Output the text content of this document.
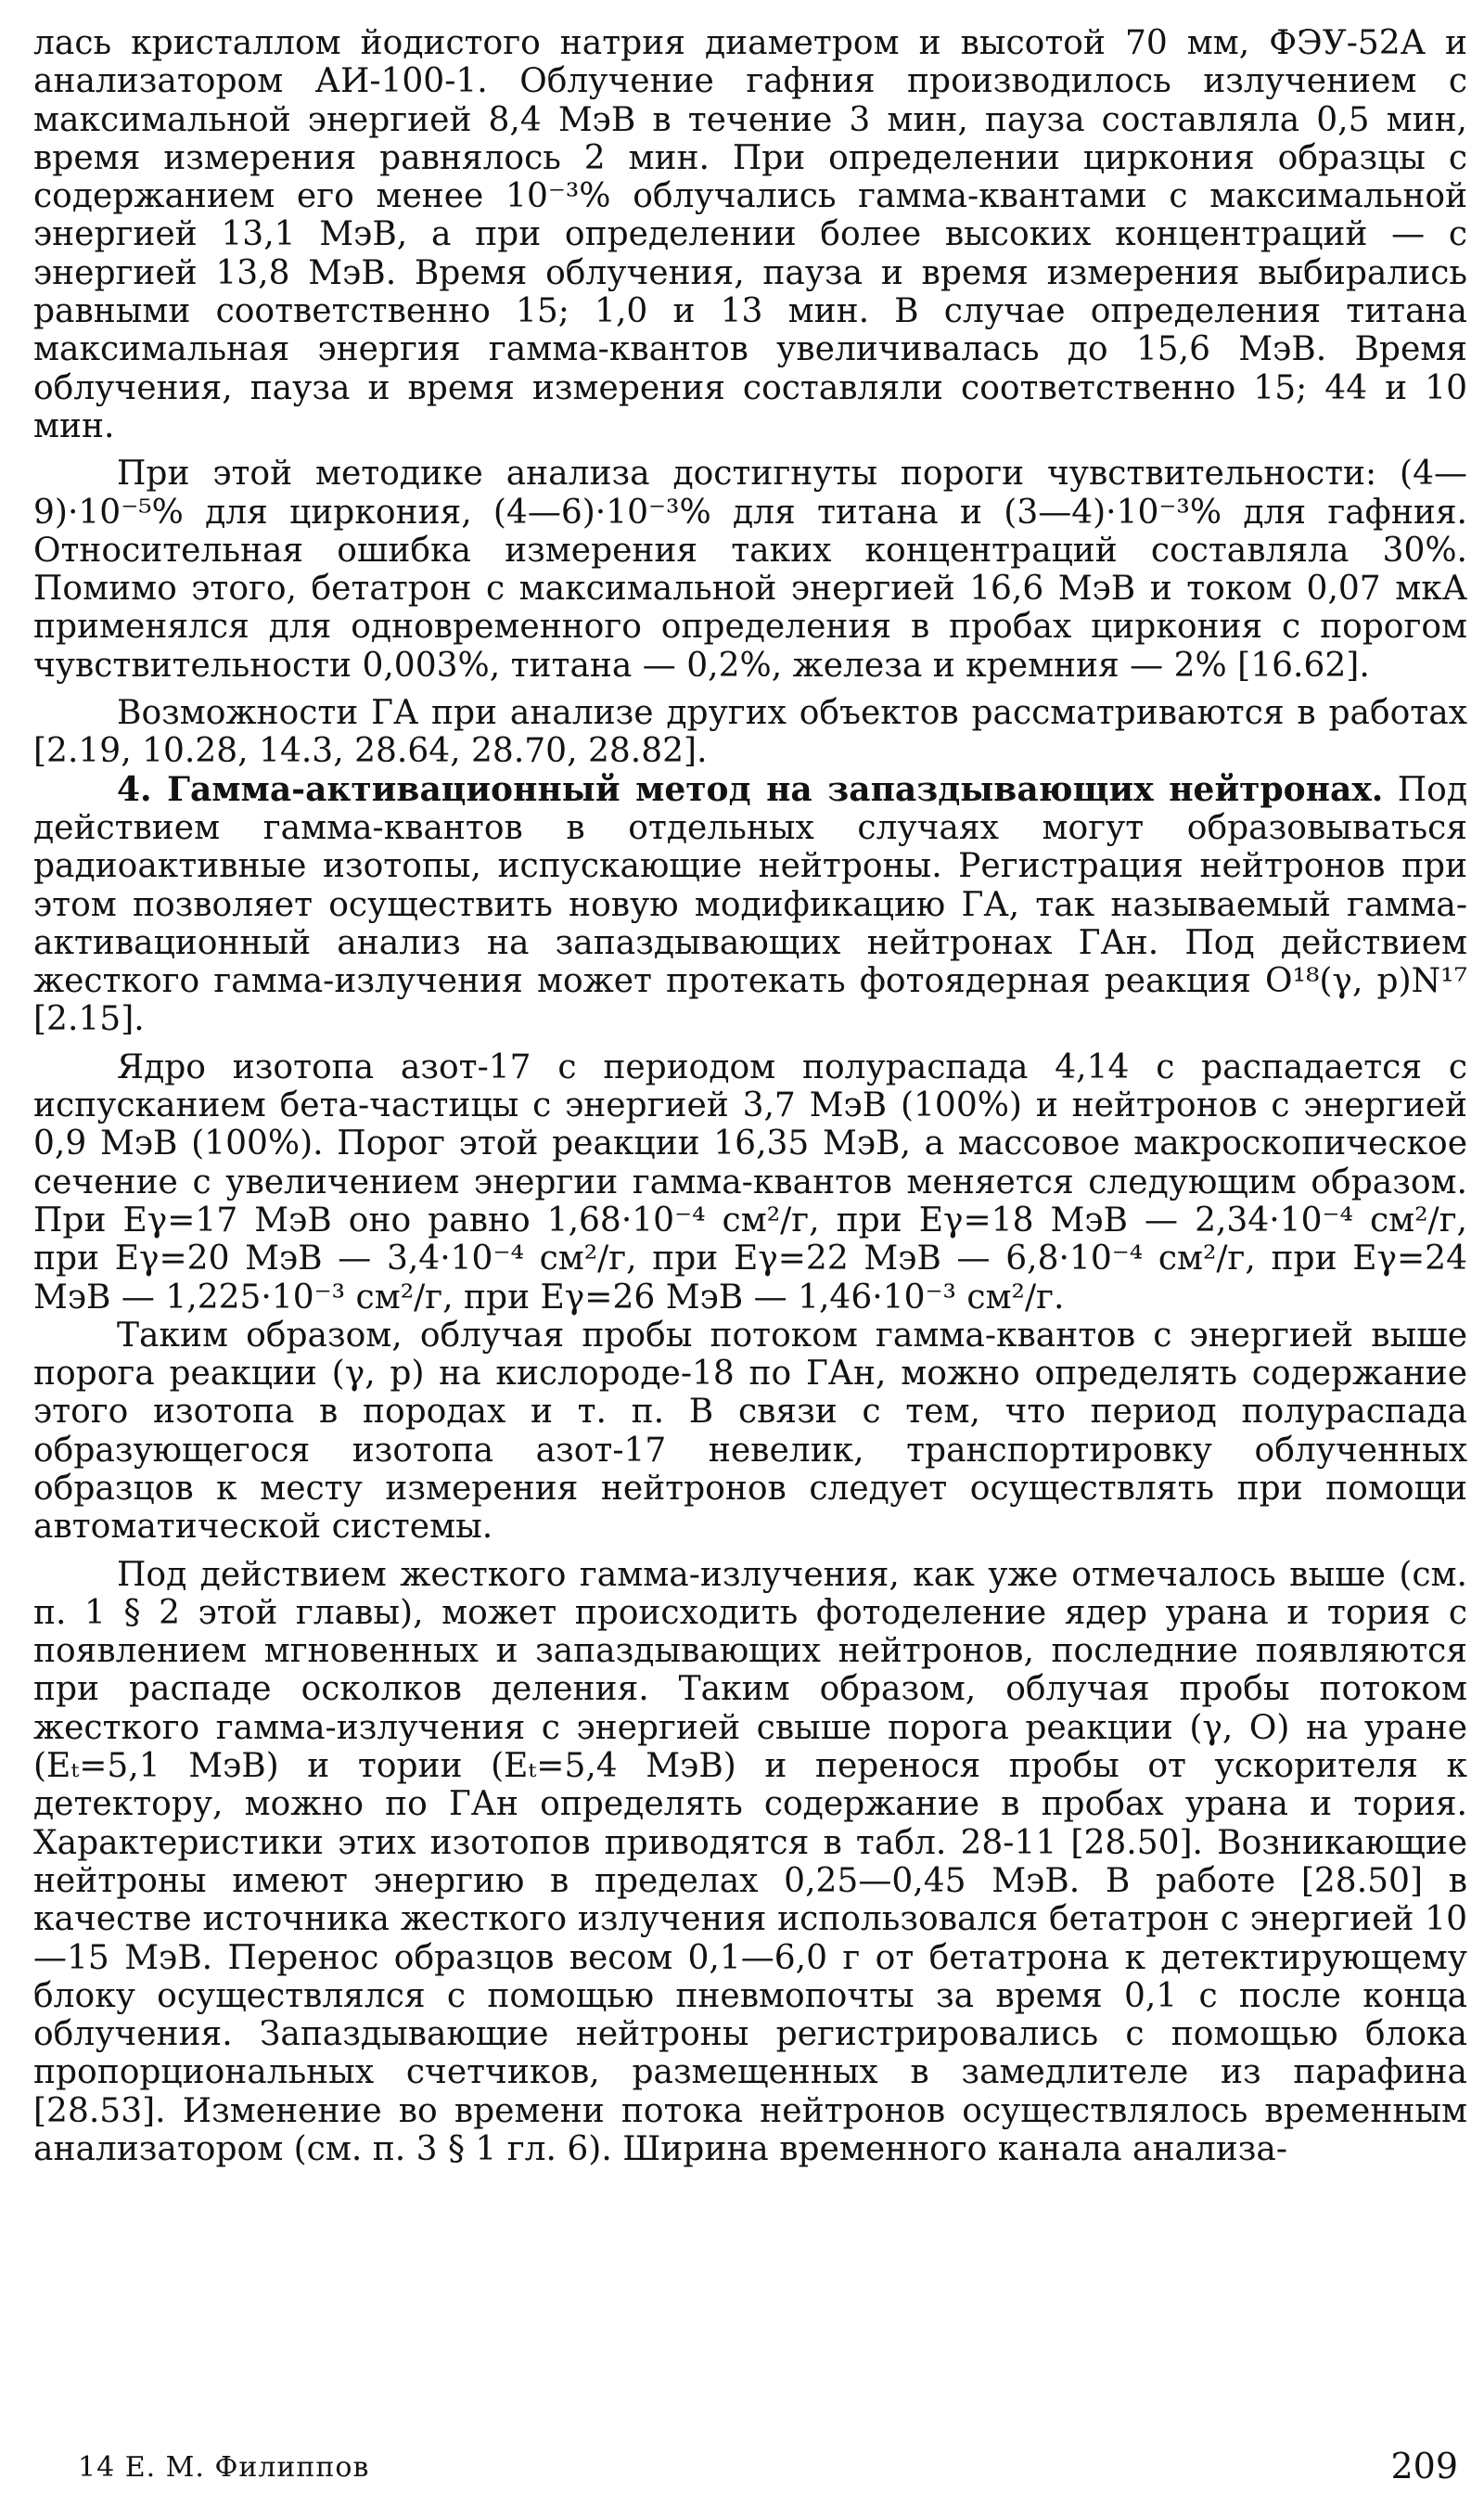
лась кристаллом йодистого натрия диаметром и высотой 70 мм, ФЭУ-52А и анализатором АИ-100-1. Облучение гафния производилось излучением с максимальной энергией 8,4 МэВ в течение 3 мин, пауза составляла 0,5 мин, время измерения равнялось 2 мин. При определении циркония образцы с содержанием его менее 10⁻³% облучались гамма-квантами с максимальной энергией 13,1 МэВ, а при определении более высоких концентраций — с энергией 13,8 МэВ. Время облучения, пауза и время измерения выбирались равными соответственно 15; 1,0 и 13 мин. В случае определения титана максимальная энергия гамма-квантов увеличивалась до 15,6 МэВ. Время облучения, пауза и время измерения составляли соответственно 15; 44 и 10 мин.

При этой методике анализа достигнуты пороги чувствительности: (4—9)·10⁻⁵% для циркония, (4—6)·10⁻³% для титана и (3—4)·10⁻³% для гафния. Относительная ошибка измерения таких концентраций составляла 30%. Помимо этого, бетатрон с максимальной энергией 16,6 МэВ и током 0,07 мкА применялся для одновременного определения в пробах циркония с порогом чувствительности 0,003%, титана — 0,2%, железа и кремния — 2% [16.62].

Возможности ГА при анализе других объектов рассматриваются в работах [2.19, 10.28, 14.3, 28.64, 28.70, 28.82].

4. Гамма-активационный метод на запаздывающих нейтронах. Под действием гамма-квантов в отдельных случаях могут образовываться радиоактивные изотопы, испускающие нейтроны. Регистрация нейтронов при этом позволяет осуществить новую модификацию ГА, так называемый гамма-активационный анализ на запаздывающих нейтронах ГАн. Под действием жесткого гамма-излучения может протекать фотоядерная реакция O¹⁸(γ, p)N¹⁷ [2.15].

Ядро изотопа азот-17 с периодом полураспада 4,14 с распадается с испусканием бета-частицы с энергией 3,7 МэВ (100%) и нейтронов с энергией 0,9 МэВ (100%). Порог этой реакции 16,35 МэВ, а массовое макроскопическое сечение с увеличением энергии гамма-квантов меняется следующим образом. При Eγ=17 МэВ оно равно 1,68·10⁻⁴ см²/г, при Eγ=18 МэВ — 2,34·10⁻⁴ см²/г, при Eγ=20 МэВ — 3,4·10⁻⁴ см²/г, при Eγ=22 МэВ — 6,8·10⁻⁴ см²/г, при Eγ=24 МэВ — 1,225·10⁻³ см²/г, при Eγ=26 МэВ — 1,46·10⁻³ см²/г.

Таким образом, облучая пробы потоком гамма-квантов с энергией выше порога реакции (γ, p) на кислороде-18 по ГАн, можно определять содержание этого изотопа в породах и т. п. В связи с тем, что период полураспада образующегося изотопа азот-17 невелик, транспортировку облученных образцов к месту измерения нейтронов следует осуществлять при помощи автоматической системы.

Под действием жесткого гамма-излучения, как уже отмечалось выше (см. п. 1 § 2 этой главы), может происходить фотоделение ядер урана и тория с появлением мгновенных и запаздывающих нейтронов, последние появляются при распаде осколков деления. Таким образом, облучая пробы потоком жесткого гамма-излучения с энергией свыше порога реакции (γ, О) на уране (Eₜ=5,1 МэВ) и тории (Eₜ=5,4 МэВ) и перенося пробы от ускорителя к детектору, можно по ГАн определять содержание в пробах урана и тория. Характеристики этих изотопов приводятся в табл. 28-11 [28.50]. Возникающие нейтроны имеют энергию в пределах 0,25—0,45 МэВ. В работе [28.50] в качестве источника жесткого излучения использовался бетатрон с энергией 10—15 МэВ. Перенос образцов весом 0,1—6,0 г от бетатрона к детектирующему блоку осуществлялся с помощью пневмопочты за время 0,1 с после конца облучения. Запаздывающие нейтроны регистрировались с помощью блока пропорциональных счетчиков, размещенных в замедлителе из парафина [28.53]. Изменение во времени потока нейтронов осуществлялось временным анализатором (см. п. 3 § 1 гл. 6). Ширина временного канала анализа-

14 Е. М. Филиппов	209
